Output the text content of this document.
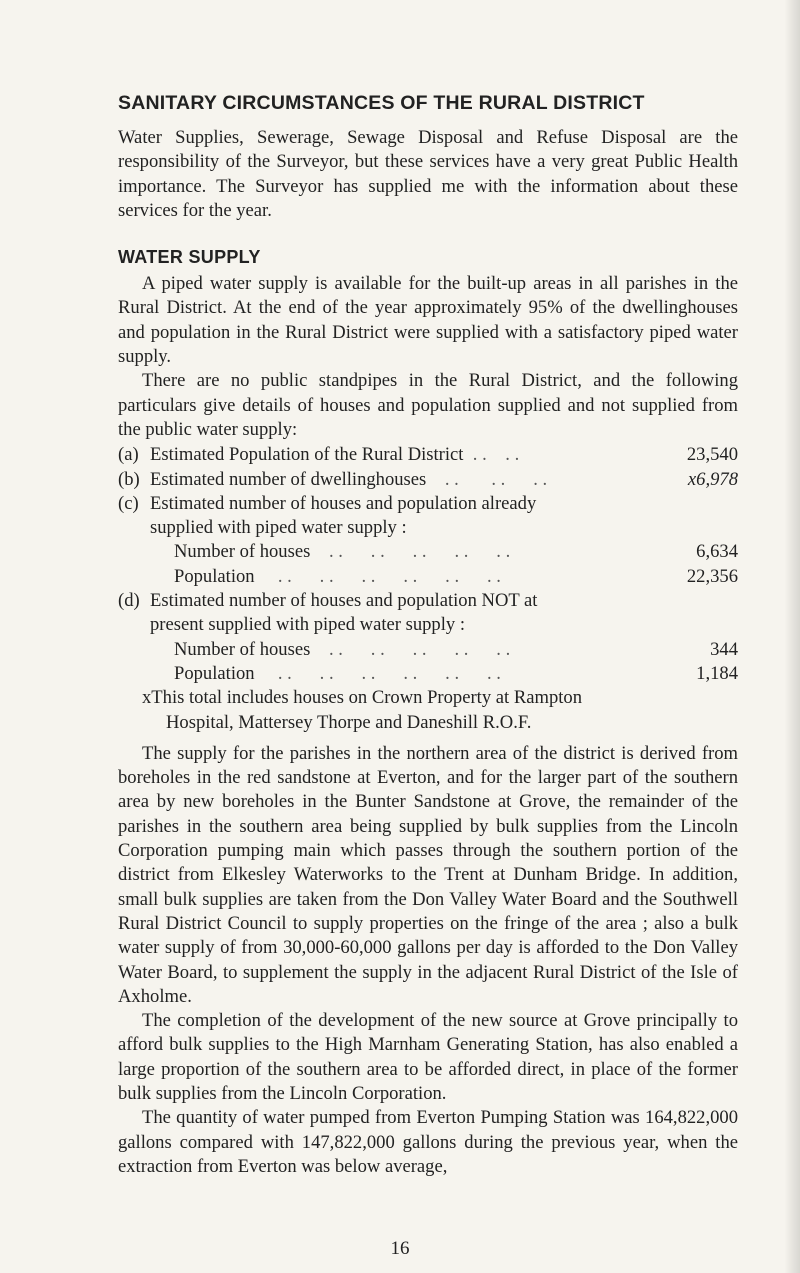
SANITARY CIRCUMSTANCES OF THE RURAL DISTRICT

Water Supplies, Sewerage, Sewage Disposal and Refuse Disposal are the responsibility of the Surveyor, but these services have a very great Public Health importance. The Surveyor has supplied me with the information about these services for the year.

WATER SUPPLY

A piped water supply is available for the built-up areas in all parishes in the Rural District. At the end of the year approximately 95% of the dwellinghouses and population in the Rural District were supplied with a satisfactory piped water supply.

There are no public standpipes in the Rural District, and the following particulars give details of houses and population supplied and not supplied from the public water supply:

(a) Estimated Population of the Rural District  . .    . .	23,540
(b) Estimated number of dwellinghouses    . .       . .      . .	x6,978
(c) Estimated number of houses and population already
supplied with piped water supply :
Number of houses    . .      . .      . .      . .      . .	6,634
Population     . .      . .      . .      . .      . .      . .	22,356
(d) Estimated number of houses and population NOT at
present supplied with piped water supply :
Number of houses    . .      . .      . .      . .      . .	344
Population     . .      . .      . .      . .      . .      . .	1,184
xThis total includes houses on Crown Property at Rampton
Hospital, Mattersey Thorpe and Daneshill R.O.F.

The supply for the parishes in the northern area of the district is derived from boreholes in the red sandstone at Everton, and for the larger part of the southern area by new boreholes in the Bunter Sandstone at Grove, the remainder of the parishes in the southern area being supplied by bulk supplies from the Lincoln Corporation pumping main which passes through the southern portion of the district from Elkesley Waterworks to the Trent at Dunham Bridge. In addition, small bulk supplies are taken from the Don Valley Water Board and the Southwell Rural District Council to supply properties on the fringe of the area ; also a bulk water supply of from 30,000-60,000 gallons per day is afforded to the Don Valley Water Board, to supplement the supply in the adjacent Rural District of the Isle of Axholme.

The completion of the development of the new source at Grove principally to afford bulk supplies to the High Marnham Generating Station, has also enabled a large proportion of the southern area to be afforded direct, in place of the former bulk supplies from the Lincoln Corporation.

The quantity of water pumped from Everton Pumping Station was 164,822,000 gallons compared with 147,822,000 gallons during the previous year, when the extraction from Everton was below average,

16
